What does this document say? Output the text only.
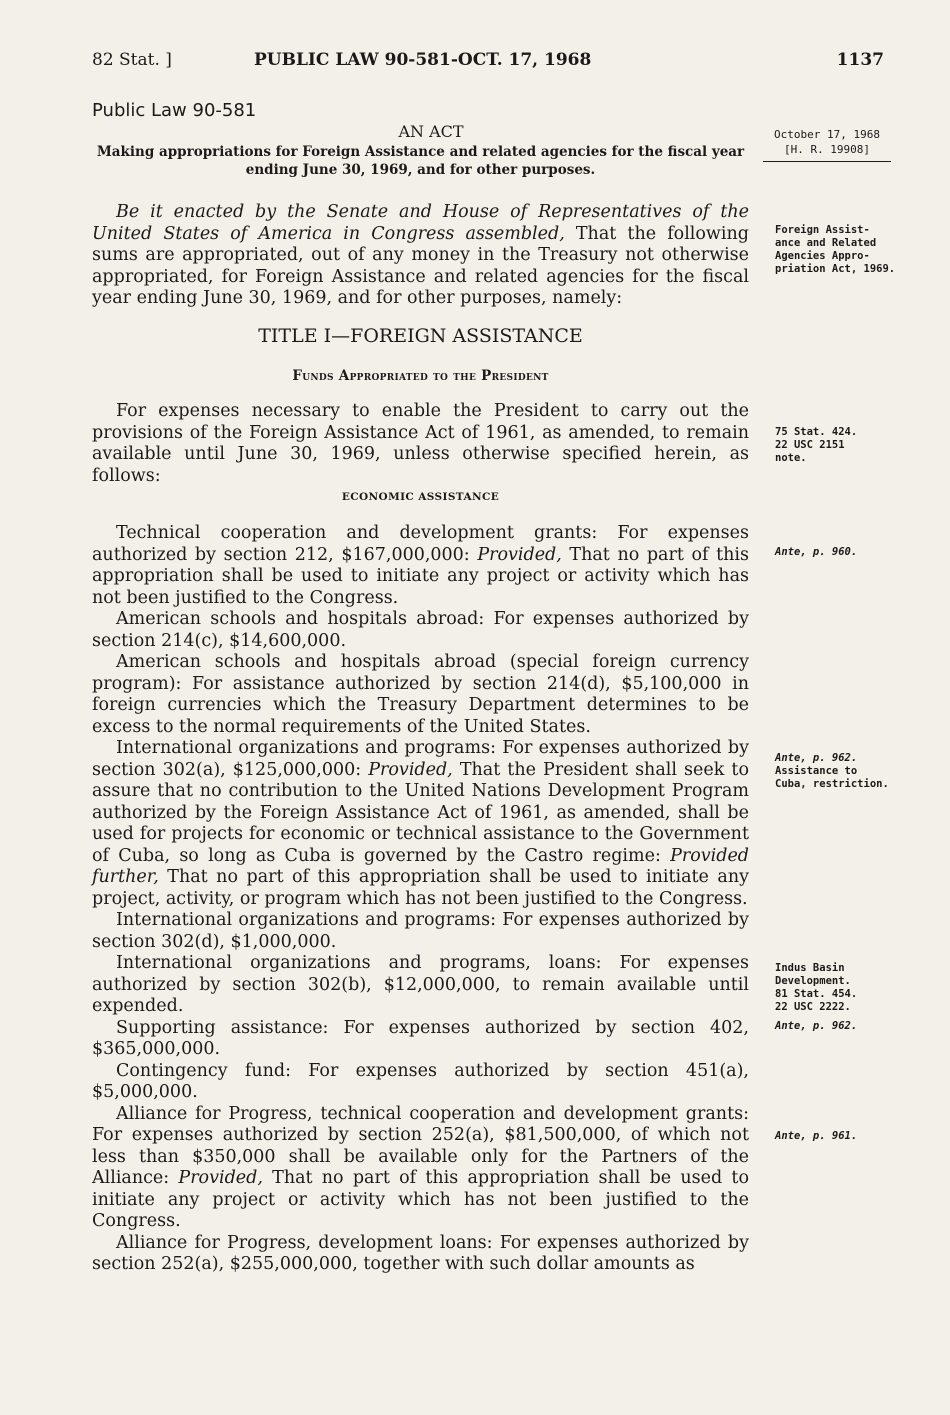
82 Stat. ]	PUBLIC LAW 90-581-OCT. 17, 1968	1137
Public Law 90-581
AN ACT
Making appropriations for Foreign Assistance and related agencies for the fiscal year ending June 30, 1969, and for other purposes.
October 17, 1968
[H. R. 19908]

Be it enacted by the Senate and House of Representatives of the United States of America in Congress assembled, That the following sums are appropriated, out of any money in the Treasury not otherwise appropriated, for Foreign Assistance and related agencies for the fiscal year ending June 30, 1969, and for other purposes, namely:

TITLE I—FOREIGN ASSISTANCE
Funds Appropriated to the President

For expenses necessary to enable the President to carry out the provisions of the Foreign Assistance Act of 1961, as amended, to remain available until June 30, 1969, unless otherwise specified herein, as follows:

ECONOMIC ASSISTANCE

Technical cooperation and development grants: For expenses authorized by section 212, $167,000,000: Provided, That no part of this appropriation shall be used to initiate any project or activity which has not been justified to the Congress.

American schools and hospitals abroad: For expenses authorized by section 214(c), $14,600,000.

American schools and hospitals abroad (special foreign currency program): For assistance authorized by section 214(d), $5,100,000 in foreign currencies which the Treasury Department determines to be excess to the normal requirements of the United States.

International organizations and programs: For expenses authorized by section 302(a), $125,000,000: Provided, That the President shall seek to assure that no contribution to the United Nations Development Program authorized by the Foreign Assistance Act of 1961, as amended, shall be used for projects for economic or technical assistance to the Government of Cuba, so long as Cuba is governed by the Castro regime: Provided further, That no part of this appropriation shall be used to initiate any project, activity, or program which has not been justified to the Congress.

International organizations and programs: For expenses authorized by section 302(d), $1,000,000.

International organizations and programs, loans: For expenses authorized by section 302(b), $12,000,000, to remain available until expended.

Supporting assistance: For expenses authorized by section 402, $365,000,000.

Contingency fund: For expenses authorized by section 451(a), $5,000,000.

Alliance for Progress, technical cooperation and development grants: For expenses authorized by section 252(a), $81,500,000, of which not less than $350,000 shall be available only for the Partners of the Alliance: Provided, That no part of this appropriation shall be used to initiate any project or activity which has not been justified to the Congress.

Alliance for Progress, development loans: For expenses authorized by section 252(a), $255,000,000, together with such dollar amounts as

Foreign Assist-
ance and Related
Agencies Appro-
priation Act, 1969.
75 Stat. 424.
22 USC 2151
note.
Ante, p. 960.
Ante, p. 962.
Assistance to
Cuba, restriction.
Indus Basin
Development.
81 Stat. 454.
22 USC 2222.
Ante, p. 962.
Ante, p. 961.
